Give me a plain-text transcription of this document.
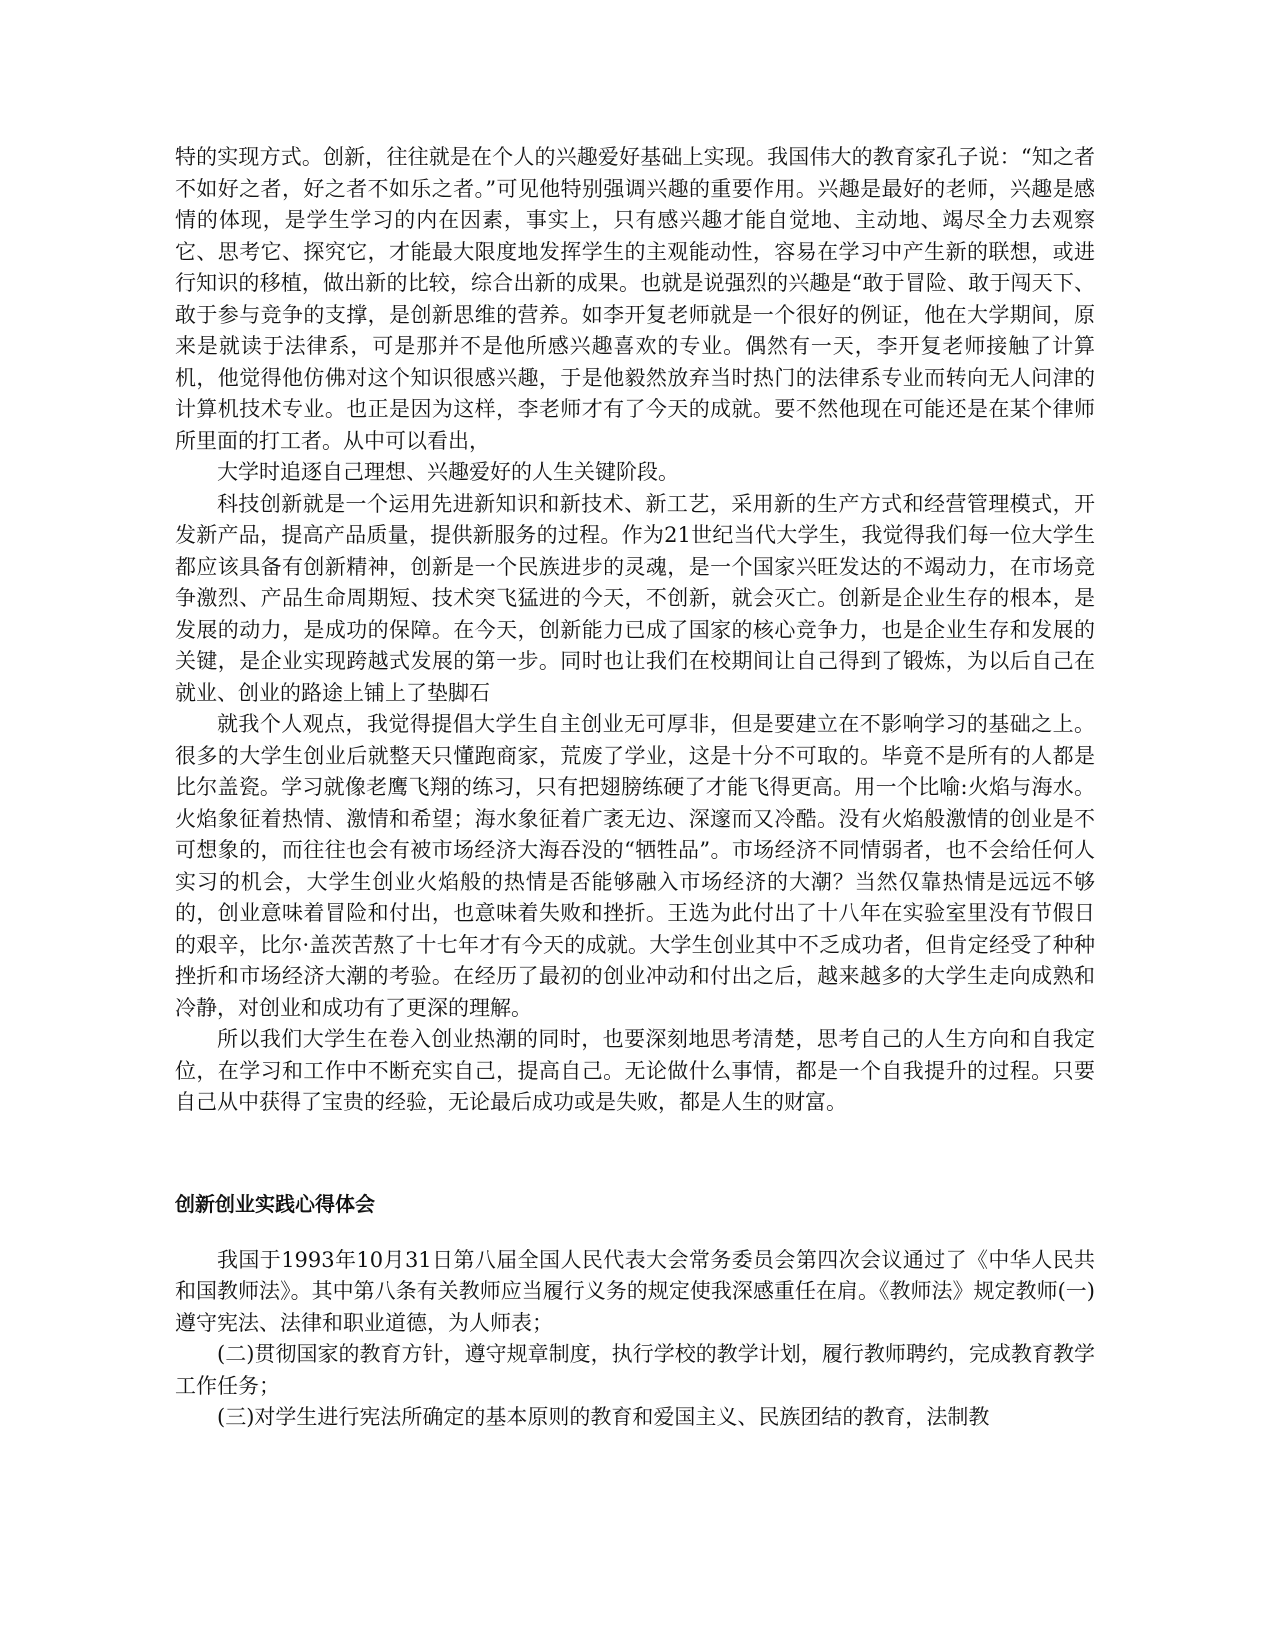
特的实现方式。创新，往往就是在个人的兴趣爱好基础上实现。我国伟大的教育家孔子说：“知之者不如好之者，好之者不如乐之者。”可见他特别强调兴趣的重要作用。兴趣是最好的老师，兴趣是感情的体现，是学生学习的内在因素，事实上，只有感兴趣才能自觉地、主动地、竭尽全力去观察它、思考它、探究它，才能最大限度地发挥学生的主观能动性，容易在学习中产生新的联想，或进行知识的移植，做出新的比较，综合出新的成果。也就是说强烈的兴趣是“敢于冒险、敢于闯天下、敢于参与竞争的支撑，是创新思维的营养。如李开复老师就是一个很好的例证，他在大学期间，原来是就读于法律系，可是那并不是他所感兴趣喜欢的专业。偶然有一天，李开复老师接触了计算机，他觉得他仿佛对这个知识很感兴趣，于是他毅然放弃当时热门的法律系专业而转向无人问津的计算机技术专业。也正是因为这样，李老师才有了今天的成就。要不然他现在可能还是在某个律师所里面的打工者。从中可以看出，

大学时追逐自己理想、兴趣爱好的人生关键阶段。

科技创新就是一个运用先进新知识和新技术、新工艺，采用新的生产方式和经营管理模式，开发新产品，提高产品质量，提供新服务的过程。作为21世纪当代大学生，我觉得我们每一位大学生都应该具备有创新精神，创新是一个民族进步的灵魂，是一个国家兴旺发达的不竭动力，在市场竞争激烈、产品生命周期短、技术突飞猛进的今天，不创新，就会灭亡。创新是企业生存的根本，是发展的动力，是成功的保障。在今天，创新能力已成了国家的核心竞争力，也是企业生存和发展的关键，是企业实现跨越式发展的第一步。同时也让我们在校期间让自己得到了锻炼，为以后自己在就业、创业的路途上铺上了垫脚石

就我个人观点，我觉得提倡大学生自主创业无可厚非，但是要建立在不影响学习的基础之上。很多的大学生创业后就整天只懂跑商家，荒废了学业，这是十分不可取的。毕竟不是所有的人都是比尔盖瓷。学习就像老鹰飞翔的练习，只有把翅膀练硬了才能飞得更高。用一个比喻:火焰与海水。火焰象征着热情、激情和希望；海水象征着广袤无边、深邃而又冷酷。没有火焰般激情的创业是不可想象的，而往往也会有被市场经济大海吞没的“牺牲品”。市场经济不同情弱者，也不会给任何人实习的机会，大学生创业火焰般的热情是否能够融入市场经济的大潮？当然仅靠热情是远远不够的，创业意味着冒险和付出，也意味着失败和挫折。王选为此付出了十八年在实验室里没有节假日的艰辛，比尔·盖茨苦熬了十七年才有今天的成就。大学生创业其中不乏成功者，但肯定经受了种种挫折和市场经济大潮的考验。在经历了最初的创业冲动和付出之后，越来越多的大学生走向成熟和冷静，对创业和成功有了更深的理解。

所以我们大学生在卷入创业热潮的同时，也要深刻地思考清楚，思考自己的人生方向和自我定位，在学习和工作中不断充实自己，提高自己。无论做什么事情，都是一个自我提升的过程。只要自己从中获得了宝贵的经验，无论最后成功或是失败，都是人生的财富。

创新创业实践心得体会

我国于1993年10月31日第八届全国人民代表大会常务委员会第四次会议通过了《中华人民共和国教师法》。其中第八条有关教师应当履行义务的规定使我深感重任在肩。《教师法》规定教师(一)遵守宪法、法律和职业道德，为人师表；

(二)贯彻国家的教育方针，遵守规章制度，执行学校的教学计划，履行教师聘约，完成教育教学工作任务；

(三)对学生进行宪法所确定的基本原则的教育和爱国主义、民族团结的教育，法制教
